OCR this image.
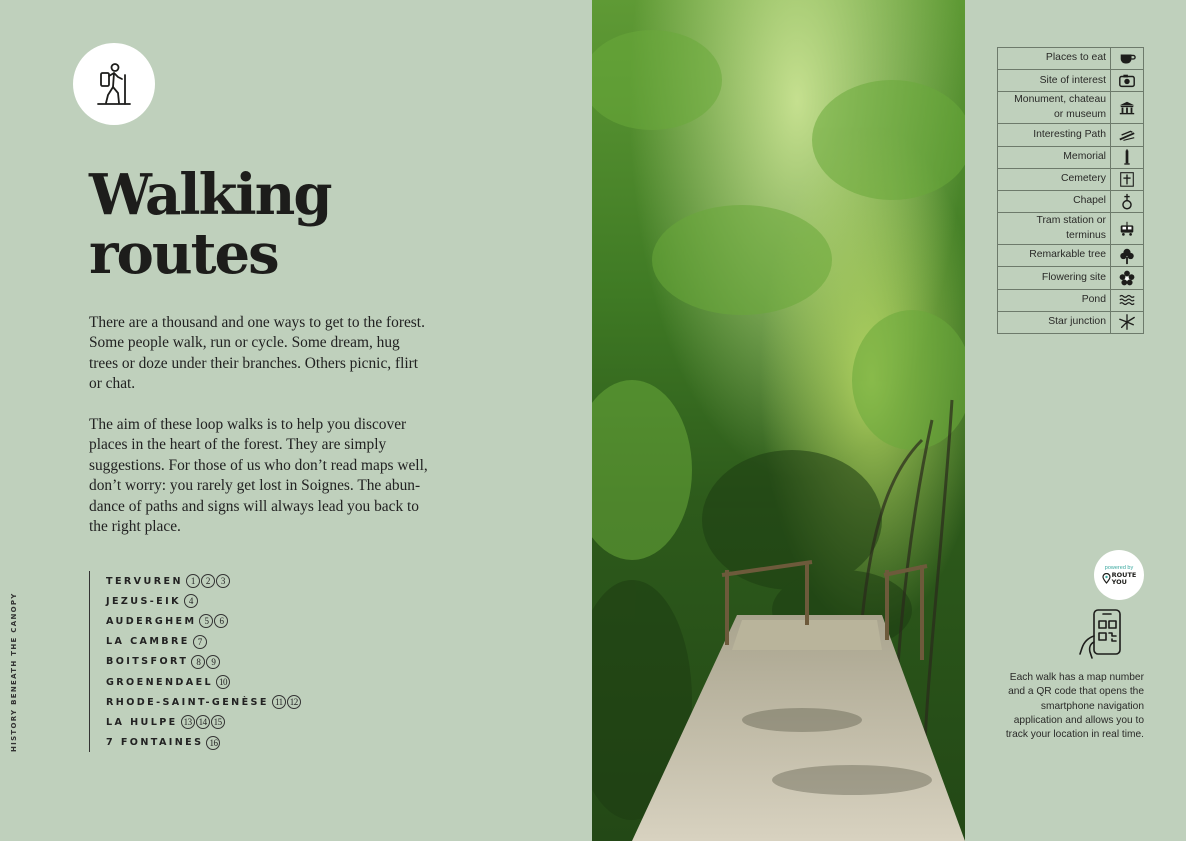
HISTORY BENEATH THE CANOPY
Walking
routes

There are a thousand and one ways to get to the forest.
Some people walk, run or cycle. Some dream, hug
trees or doze under their branches. Others picnic, flirt
or chat.

The aim of these loop walks is to help you discover
places in the heart of the forest. They are simply
suggestions. For those of us who don’t read maps well,
don’t worry: you rarely get lost in Soignes. The abun-
dance of paths and signs will always lead you back to
the right place.

TERVUREN 1	2	3
JEZUS-EIK 4
AUDERGHEM 5	6
LA CAMBRE 7
BOITSFORT 8	9
GROENENDAEL 10
RHODE-SAINT-GENÈSE 11 12
LA HULPE 13 14 15
7 FONTAINES 16
Places to eat	

Site of interest	

Monument, chateau
or museum	

Interesting Path	

Memorial	

Cemetery	

Chapel	

Tram station or
terminus	

Remarkable tree	

Flowering site	

Pond	

Star junction	
powered by
ROUTE
YOU
Each walk has a map number and a QR code that opens the smartphone navigation application and allows you to track your location in real time.
